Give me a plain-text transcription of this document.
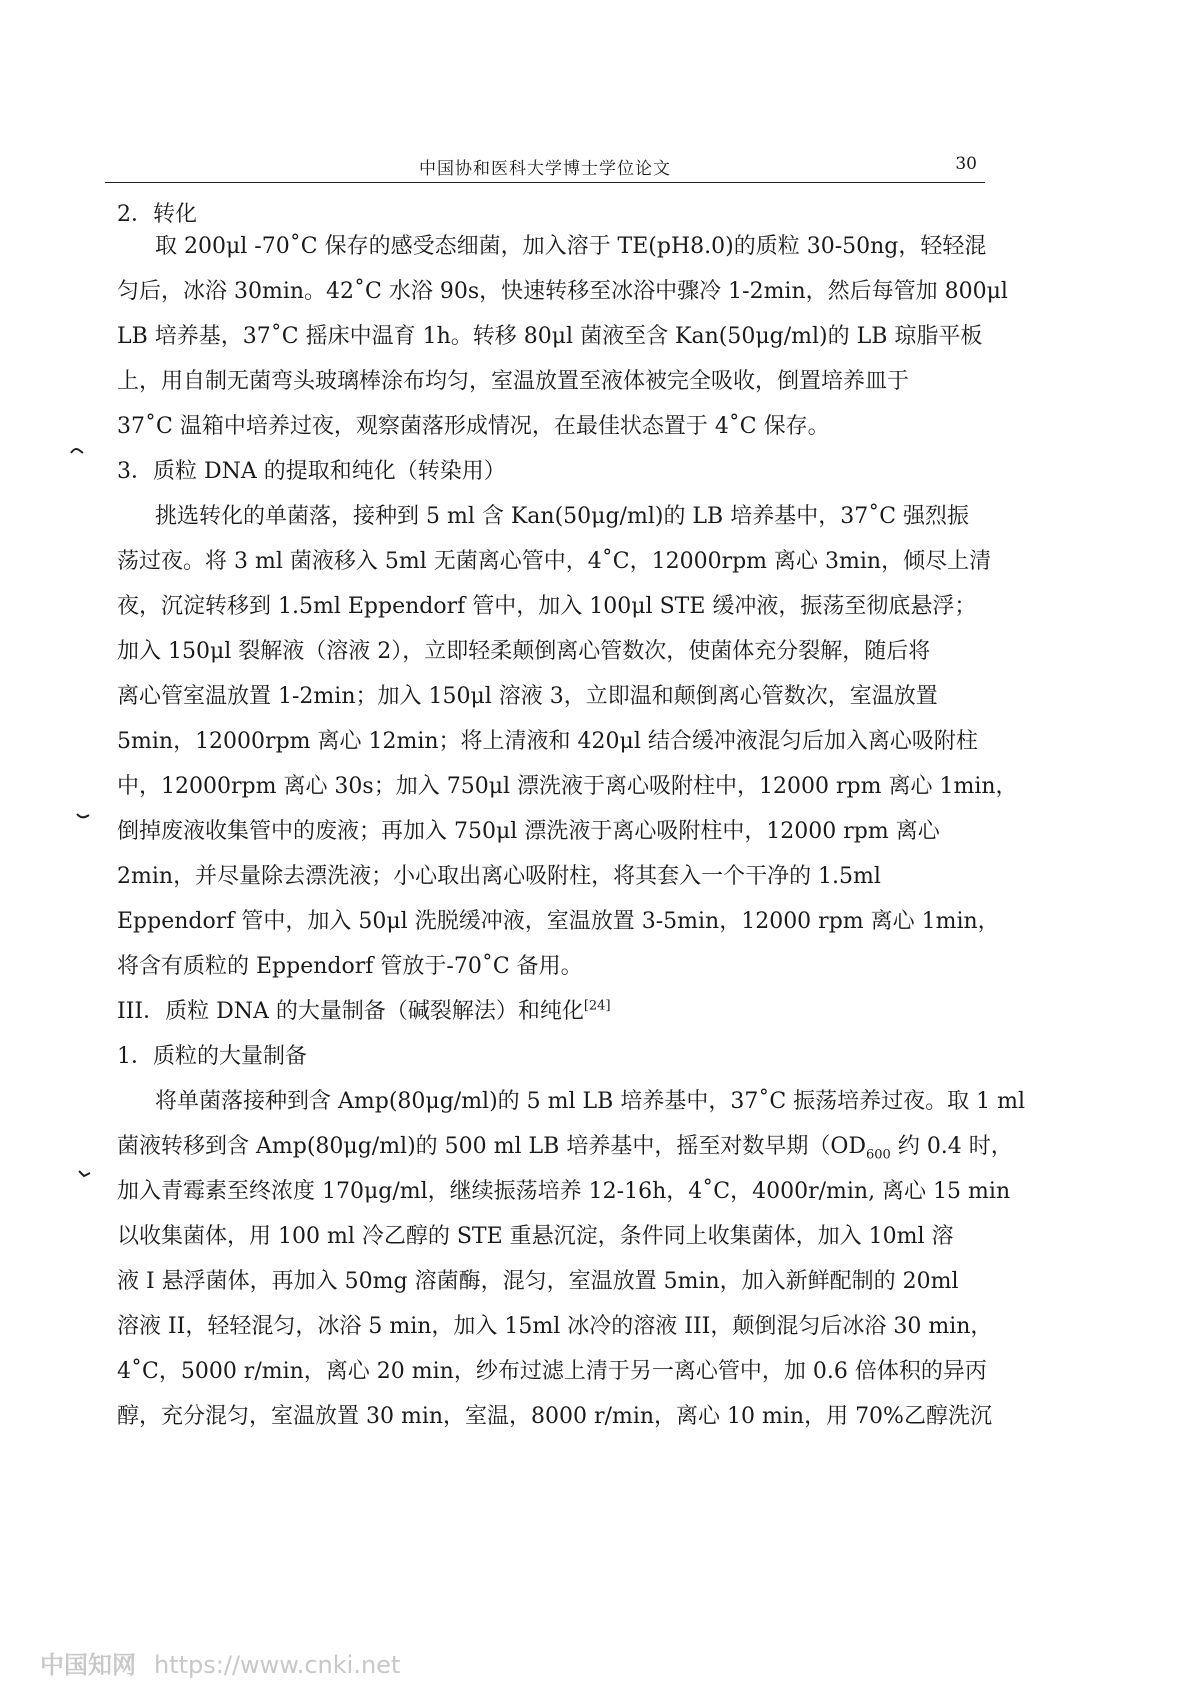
中国协和医科大学博士学位论文	30
2．转化
取 200μl -70˚C 保存的感受态细菌，加入溶于 TE(pH8.0)的质粒 30-50ng，轻轻混
匀后，冰浴 30min。42˚C 水浴 90s，快速转移至冰浴中骤冷 1-2min，然后每管加 800μl
LB 培养基，37˚C 摇床中温育 1h。转移 80μl 菌液至含 Kan(50μg/ml)的 LB 琼脂平板
上，用自制无菌弯头玻璃棒涂布均匀，室温放置至液体被完全吸收，倒置培养皿于
37˚C 温箱中培养过夜，观察菌落形成情况，在最佳状态置于 4˚C 保存。
3．质粒 DNA 的提取和纯化（转染用）
挑选转化的单菌落，接种到 5 ml 含 Kan(50μg/ml)的 LB 培养基中，37˚C 强烈振
荡过夜。将 3 ml 菌液移入 5ml 无菌离心管中，4˚C，12000rpm 离心 3min，倾尽上清
夜，沉淀转移到 1.5ml Eppendorf 管中，加入 100μl STE 缓冲液，振荡至彻底悬浮；
加入 150μl 裂解液（溶液 2），立即轻柔颠倒离心管数次，使菌体充分裂解，随后将
离心管室温放置 1-2min；加入 150μl 溶液 3，立即温和颠倒离心管数次，室温放置
5min，12000rpm 离心 12min；将上清液和 420μl 结合缓冲液混匀后加入离心吸附柱
中，12000rpm 离心 30s；加入 750μl 漂洗液于离心吸附柱中，12000 rpm 离心 1min，
倒掉废液收集管中的废液；再加入 750μl 漂洗液于离心吸附柱中，12000 rpm 离心
2min，并尽量除去漂洗液；小心取出离心吸附柱，将其套入一个干净的 1.5ml
Eppendorf 管中，加入 50μl 洗脱缓冲液，室温放置 3-5min，12000 rpm 离心 1min，
将含有质粒的 Eppendorf 管放于-70˚C 备用。
III．质粒 DNA 的大量制备（碱裂解法）和纯化[24]
1．质粒的大量制备
将单菌落接种到含 Amp(80μg/ml)的 5 ml LB 培养基中，37˚C 振荡培养过夜。取 1 ml
菌液转移到含 Amp(80μg/ml)的 500 ml LB 培养基中，摇至对数早期（$OD_{600}$ 约 0.4 时，
加入青霉素至终浓度 170μg/ml，继续振荡培养 12-16h，4˚C，4000r/min, 离心 15 min
以收集菌体，用 100 ml 冷乙醇的 STE 重悬沉淀，条件同上收集菌体，加入 10ml 溶
液 I 悬浮菌体，再加入 50mg 溶菌酶，混匀，室温放置 5min，加入新鲜配制的 20ml
溶液 II，轻轻混匀，冰浴 5 min，加入 15ml 冰冷的溶液 III，颠倒混匀后冰浴 30 min，
4˚C，5000 r/min，离心 20 min，纱布过滤上清于另一离心管中，加 0.6 倍体积的异丙
醇，充分混匀，室温放置 30 min，室温，8000 r/min，离心 10 min，用 70%乙醇洗沉
中国知网 https://www.cnki.net
